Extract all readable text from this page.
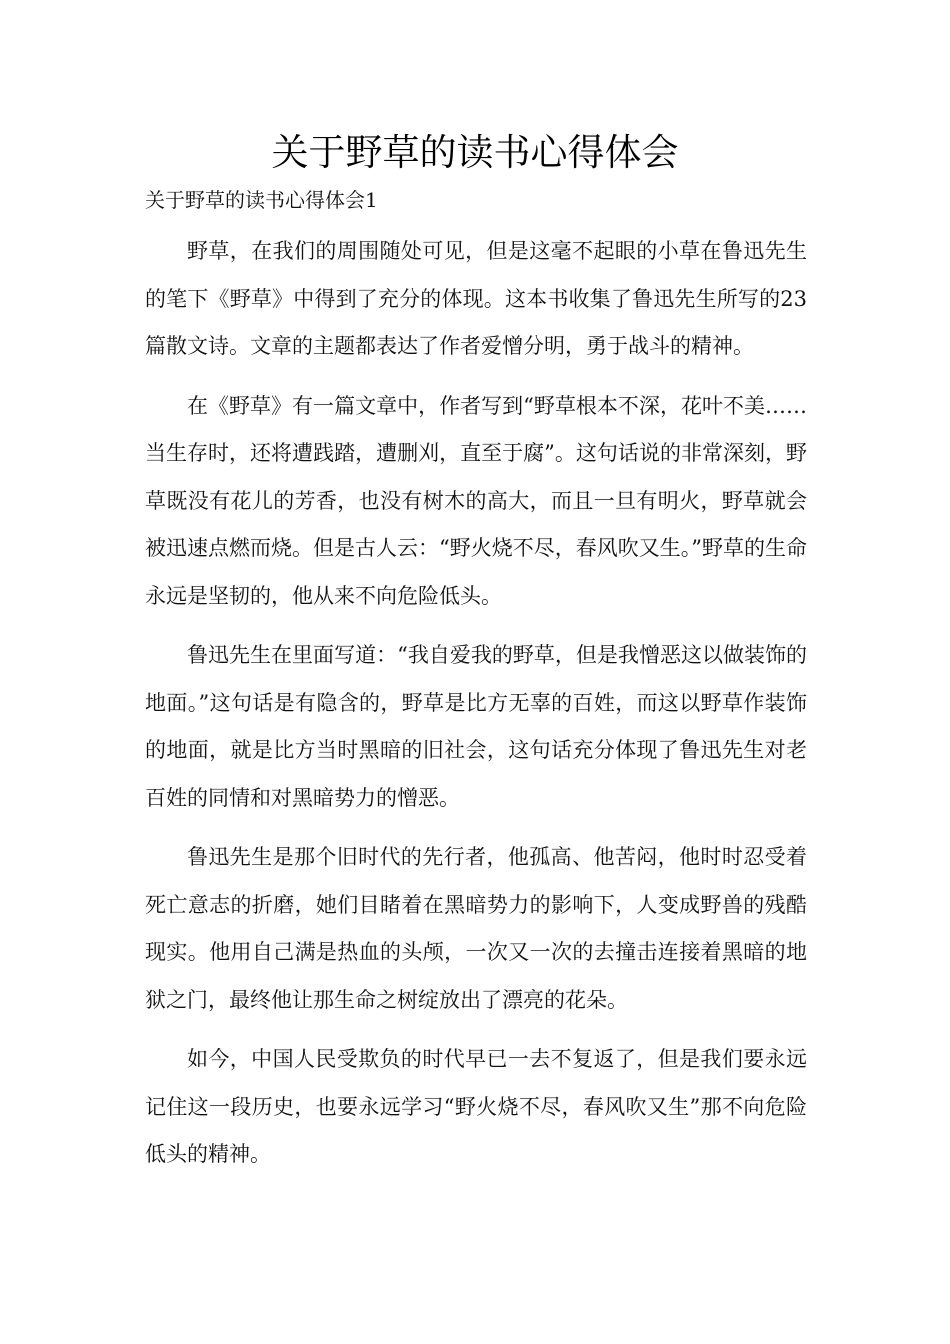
关于野草的读书心得体会

关于野草的读书心得体会1

野草，在我们的周围随处可见，但是这毫不起眼的小草在鲁迅先生的笔下《野草》中得到了充分的体现。这本书收集了鲁迅先生所写的23篇散文诗。文章的主题都表达了作者爱憎分明，勇于战斗的精神。

在《野草》有一篇文章中，作者写到“野草根本不深，花叶不美……当生存时，还将遭践踏，遭删刈，直至于腐”。这句话说的非常深刻，野草既没有花儿的芳香，也没有树木的高大，而且一旦有明火，野草就会被迅速点燃而烧。但是古人云：“野火烧不尽，春风吹又生。”野草的生命永远是坚韧的，他从来不向危险低头。

鲁迅先生在里面写道：“我自爱我的野草，但是我憎恶这以做装饰的地面。”这句话是有隐含的，野草是比方无辜的百姓，而这以野草作装饰的地面，就是比方当时黑暗的旧社会，这句话充分体现了鲁迅先生对老百姓的同情和对黑暗势力的憎恶。

鲁迅先生是那个旧时代的先行者，他孤高、他苦闷，他时时忍受着死亡意志的折磨，她们目睹着在黑暗势力的影响下，人变成野兽的残酷现实。他用自己满是热血的头颅，一次又一次的去撞击连接着黑暗的地狱之门，最终他让那生命之树绽放出了漂亮的花朵。

如今，中国人民受欺负的时代早已一去不复返了，但是我们要永远记住这一段历史，也要永远学习“野火烧不尽，春风吹又生”那不向危险低头的精神。
